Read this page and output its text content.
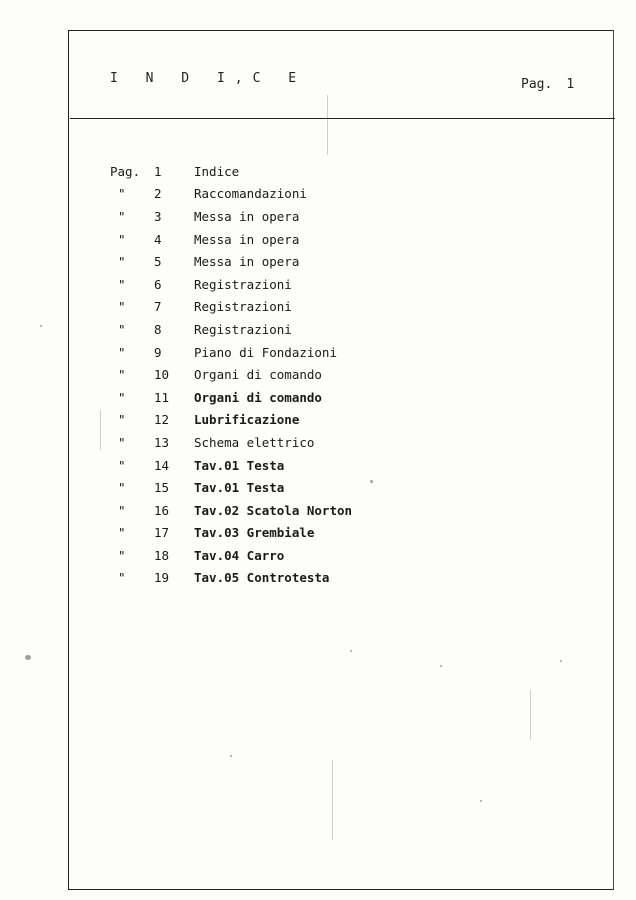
I N D I,C E	Pag. 1
Pag.	1	Indice
"	2	Raccomandazioni
"	3	Messa in opera
"	4	Messa in opera
"	5	Messa in opera
"	6	Registrazioni
"	7	Registrazioni
"	8	Registrazioni
"	9	Piano di Fondazioni
"	10	Organi di comando
"	11	Organi di comando
"	12	Lubrificazione
"	13	Schema elettrico
"	14	Tav.01 Testa
"	15	Tav.01 Testa
"	16	Tav.02 Scatola Norton
"	17	Tav.03 Grembiale
"	18	Tav.04 Carro
"	19	Tav.05 Controtesta
